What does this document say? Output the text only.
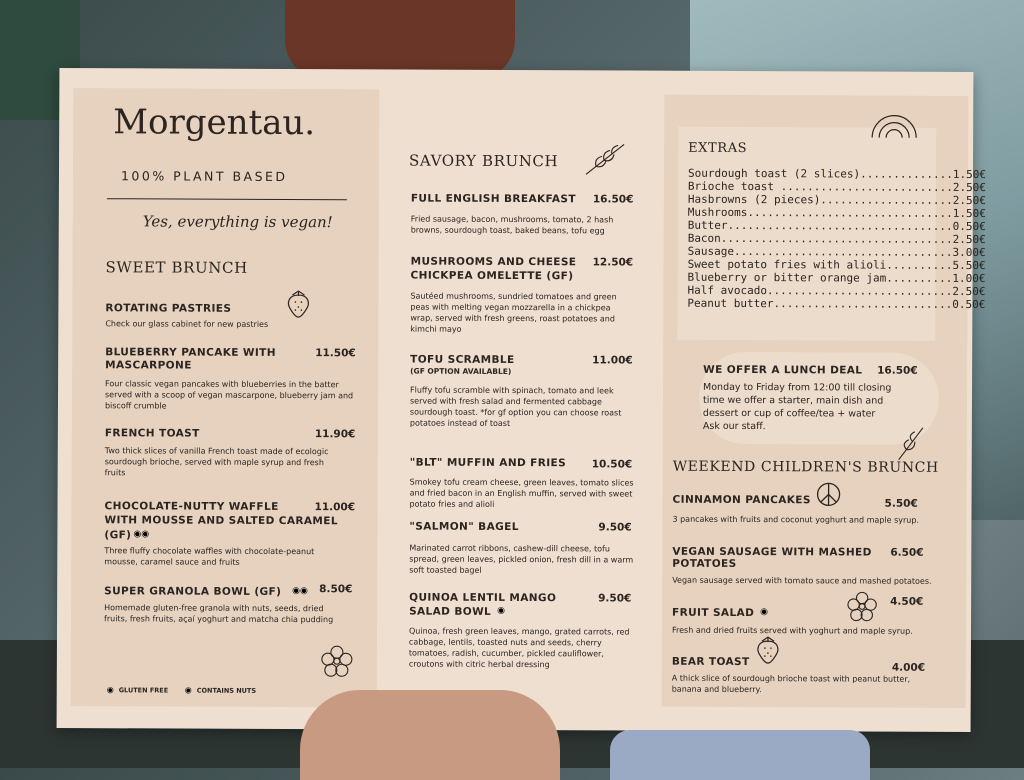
Morgentau.
100% PLANT BASED
Yes, everything is vegan!
SWEET BRUNCH
ROTATING PASTRIES
Check our glass cabinet for new pastries
BLUEBERRY PANCAKE WITH
MASCARPONE
11.50€
Four classic vegan pancakes with blueberries in the batter served with a scoop of vegan mascarpone, blueberry jam and biscoff crumble
FRENCH TOAST	11.90€
Two thick slices of vanilla French toast made of ecologic sourdough brioche, served with maple syrup and fresh fruits
CHOCOLATE-NUTTY WAFFLE
WITH MOUSSE AND SALTED CARAMEL
(GF) ◉◉
11.00€
Three fluffy chocolate waffles with chocolate-peanut mousse, caramel sauce and fruits
SUPER GRANOLA BOWL (GF) ◉◉ 8.50€
Homemade gluten-free granola with nuts, seeds, dried fruits, fresh fruits, açaí yoghurt and matcha chia pudding
◉ GLUTEN FREE ◉ CONTAINS NUTS
SAVORY BRUNCH
FULL ENGLISH BREAKFAST 16.50€
Fried sausage, bacon, mushrooms, tomato, 2 hash browns, sourdough toast, baked beans, tofu egg
MUSHROOMS AND CHEESE
CHICKPEA OMELETTE (GF)
12.50€
Sautéed mushrooms, sundried tomatoes and green peas with melting vegan mozzarella in a chickpea wrap, served with fresh greens, roast potatoes and kimchi mayo
TOFU SCRAMBLE
(GF OPTION AVAILABLE)
11.00€
Fluffy tofu scramble with spinach, tomato and leek served with fresh salad and fermented cabbage sourdough toast. *for gf option you can choose roast potatoes instead of toast
"BLT" MUFFIN AND FRIES 10.50€
Smokey tofu cream cheese, green leaves, tomato slices and fried bacon in an English muffin, served with sweet potato fries and alioli
"SALMON" BAGEL	9.50€
Marinated carrot ribbons, cashew-dill cheese, tofu spread, green leaves, pickled onion, fresh dill in a warm soft toasted bagel
QUINOA LENTIL MANGO
SALAD BOWL ◉
9.50€
Quinoa, fresh green leaves, mango, grated carrots, red cabbage, lentils, toasted nuts and seeds, cherry tomatoes, radish, cucumber, pickled cauliflower, croutons with citric herbal dressing
EXTRAS
Sourdough toast (2 slices)..............1.50€
Brioche toast ..........................2.50€
Hasbrowns (2 pieces)....................2.50€
Mushrooms...............................1.50€
Butter..................................0.50€
Bacon...................................2.50€
Sausage.................................3.00€
Sweet potato fries with alioli..........5.50€
Blueberry or bitter orange jam..........1.00€
Half avocado............................2.50€
Peanut butter...........................0.50€
WE OFFER A LUNCH DEAL 16.50€
Monday to Friday from 12:00 till closing
time we offer a starter, main dish and
dessert or cup of coffee/tea + water
Ask our staff.
WEEKEND CHILDREN'S BRUNCH
CINNAMON PANCAKES	5.50€
3 pancakes with fruits and coconut yoghurt and maple syrup.
VEGAN SAUSAGE WITH MASHED
POTATOES
6.50€
Vegan sausage served with tomato sauce and mashed potatoes.
FRUIT SALAD ◉
4.50€
Fresh and dried fruits served with yoghurt and maple syrup.
BEAR TOAST	4.00€
A thick slice of sourdough brioche toast with peanut butter, banana and blueberry.
